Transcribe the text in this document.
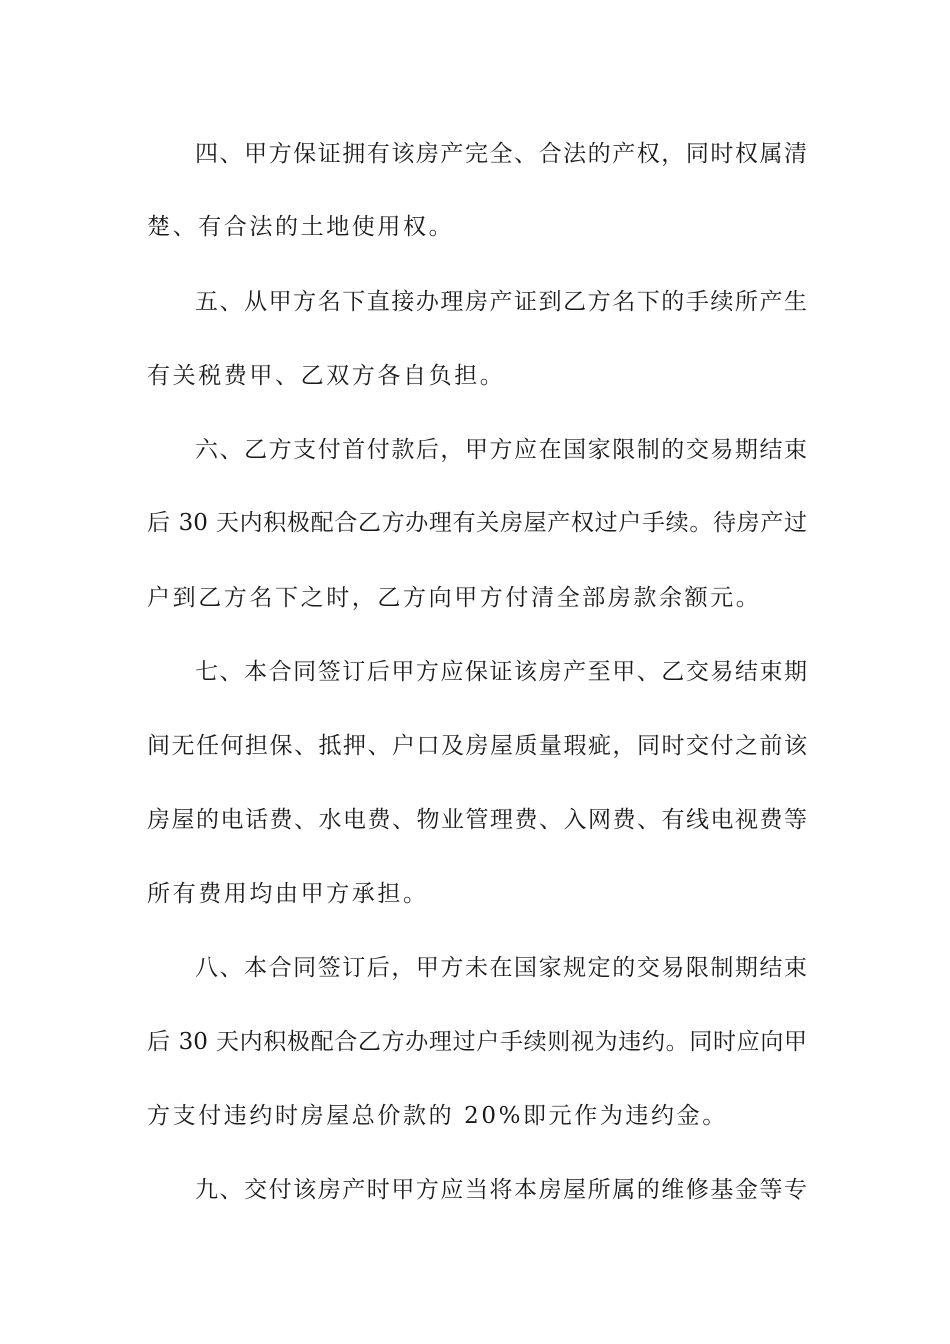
四、甲方保证拥有该房产完全、合法的产权，同时权属清
楚、有合法的土地使用权。
五、从甲方名下直接办理房产证到乙方名下的手续所产生
有关税费甲、乙双方各自负担。
六、乙方支付首付款后，甲方应在国家限制的交易期结束
后 30 天内积极配合乙方办理有关房屋产权过户手续。待房产过
户到乙方名下之时，乙方向甲方付清全部房款余额元。
七、本合同签订后甲方应保证该房产至甲、乙交易结束期
间无任何担保、抵押、户口及房屋质量瑕疵，同时交付之前该
房屋的电话费、水电费、物业管理费、入网费、有线电视费等
所有费用均由甲方承担。
八、本合同签订后，甲方未在国家规定的交易限制期结束
后 30 天内积极配合乙方办理过户手续则视为违约。同时应向甲
方支付违约时房屋总价款的 20%即元作为违约金。
九、交付该房产时甲方应当将本房屋所属的维修基金等专
